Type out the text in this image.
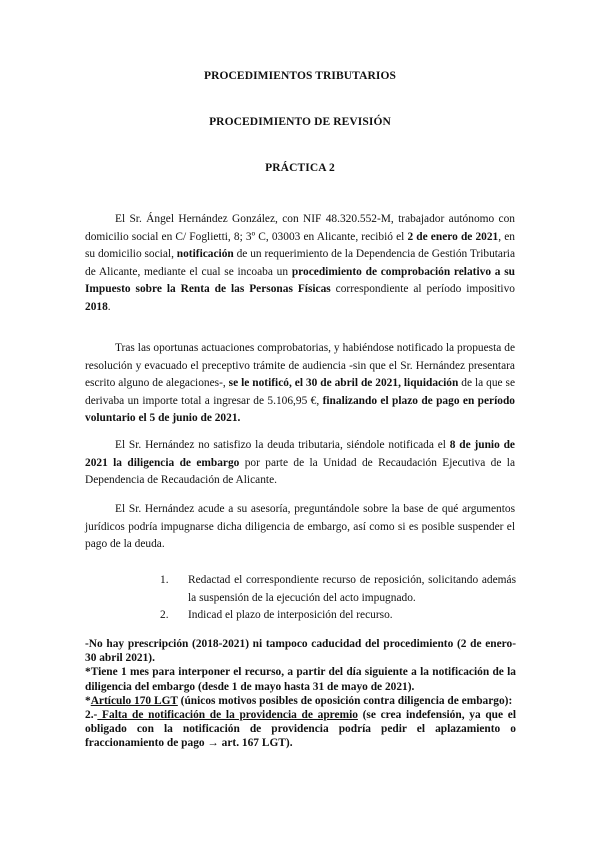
PROCEDIMIENTOS TRIBUTARIOS
PROCEDIMIENTO DE REVISIÓN
PRÁCTICA 2
El Sr. Ángel Hernández González, con NIF 48.320.552-M, trabajador autónomo con domicilio social en C/ Foglietti, 8; 3º C, 03003 en Alicante, recibió el 2 de enero de 2021, en su domicilio social, notificación de un requerimiento de la Dependencia de Gestión Tributaria de Alicante, mediante el cual se incoaba un procedimiento de comprobación relativo a su Impuesto sobre la Renta de las Personas Físicas correspondiente al período impositivo 2018.
Tras las oportunas actuaciones comprobatorias, y habiéndose notificado la propuesta de resolución y evacuado el preceptivo trámite de audiencia -sin que el Sr. Hernández presentara escrito alguno de alegaciones-, se le notificó, el 30 de abril de 2021, liquidación de la que se derivaba un importe total a ingresar de 5.106,95 €, finalizando el plazo de pago en período voluntario el 5 de junio de 2021.
El Sr. Hernández no satisfizo la deuda tributaria, siéndole notificada el 8 de junio de 2021 la diligencia de embargo por parte de la Unidad de Recaudación Ejecutiva de la Dependencia de Recaudación de Alicante.
El Sr. Hernández acude a su asesoría, preguntándole sobre la base de qué argumentos jurídicos podría impugnarse dicha diligencia de embargo, así como si es posible suspender el pago de la deuda.
1. Redactad el correspondiente recurso de reposición, solicitando además la suspensión de la ejecución del acto impugnado.
2. Indicad el plazo de interposición del recurso.
-No hay prescripción (2018-2021) ni tampoco caducidad del procedimiento (2 de enero-30 abril 2021).
*Tiene 1 mes para interponer el recurso, a partir del día siguiente a la notificación de la diligencia del embargo (desde 1 de mayo hasta 31 de mayo de 2021).
*Artículo 170 LGT (únicos motivos posibles de oposición contra diligencia de embargo):
2.- Falta de notificación de la providencia de apremio (se crea indefensión, ya que el obligado con la notificación de providencia podría pedir el aplazamiento o fraccionamiento de pago → art. 167 LGT).
